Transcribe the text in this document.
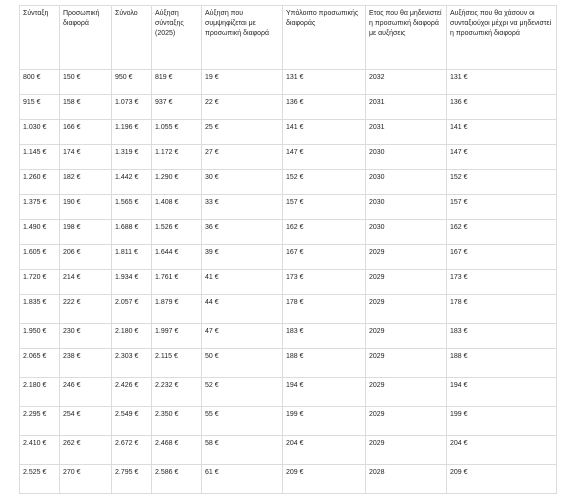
Σύνταξη	Προσωπική διαφορά	Σύνολο	Αύξηση σύνταξης (2025)	Αύξηση που συμψηφίζεται με προσωπική διαφορά	Υπόλοιπο προσωπικής διαφοράς	Ετος που θα μηδενιστεί η προσωπική διαφορά με αυξήσεις	Αυξήσεις που θα χάσουν οι συνταξιούχοι μέχρι να μηδενιστεί η προσωπική διαφορά
800 €	150 €	950 €	819 €	19 €	131 €	2032	131 €
915 €	158 €	1.073 €	937 €	22 €	136 €	2031	136 €
1.030 €	166 €	1.196 €	1.055 €	25 €	141 €	2031	141 €
1.145 €	174 €	1.319 €	1.172 €	27 €	147 €	2030	147 €
1.260 €	182 €	1.442 €	1.290 €	30 €	152 €	2030	152 €
1.375 €	190 €	1.565 €	1.408 €	33 €	157 €	2030	157 €
1.490 €	198 €	1.688 €	1.526 €	36 €	162 €	2030	162 €
1.605 €	206 €	1.811 €	1.644 €	39 €	167 €	2029	167 €
1.720 €	214 €	1.934 €	1.761 €	41 €	173 €	2029	173 €
1.835 €	222 €	2.057 €	1.879 €	44 €	178 €	2029	178 €
1.950 €	230 €	2.180 €	1.997 €	47 €	183 €	2029	183 €
2.065 €	238 €	2.303 €	2.115 €	50 €	188 €	2029	188 €
2.180 €	246 €	2.426 €	2.232 €	52 €	194 €	2029	194 €
2.295 €	254 €	2.549 €	2.350 €	55 €	199 €	2029	199 €
2.410 €	262 €	2.672 €	2.468 €	58 €	204 €	2029	204 €
2.525 €	270 €	2.795 €	2.586 €	61 €	209 €	2028	209 €
